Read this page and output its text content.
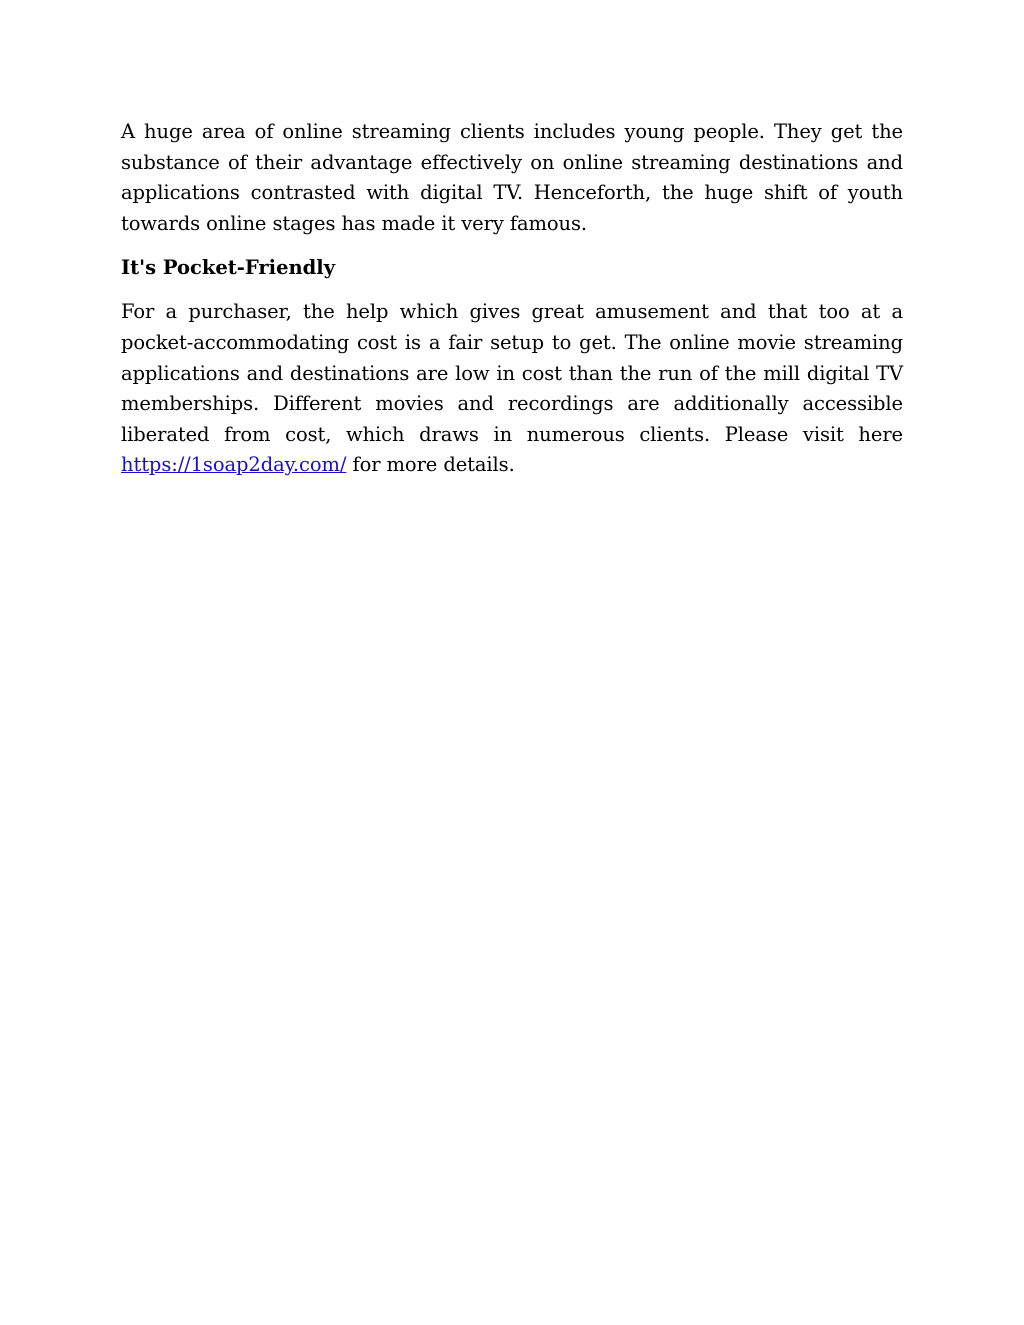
A huge area of online streaming clients includes young people. They get the substance of their advantage effectively on online streaming destinations and applications contrasted with digital TV. Henceforth, the huge shift of youth towards online stages has made it very famous.

It's Pocket-Friendly

For a purchaser, the help which gives great amusement and that too at a pocket-accommodating cost is a fair setup to get. The online movie streaming applications and destinations are low in cost than the run of the mill digital TV memberships. Different movies and recordings are additionally accessible liberated from cost, which draws in numerous clients. Please visit here https://1soap2day.com/ for more details.
